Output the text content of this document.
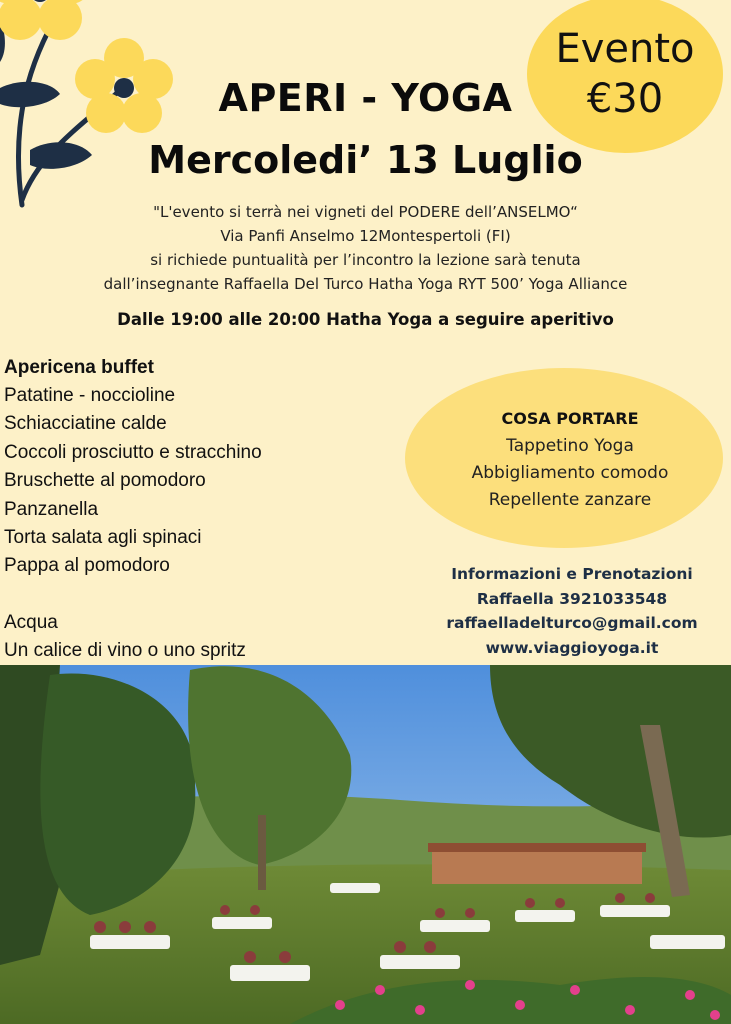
Evento
€30
APERI - YOGA
Mercoledi’ 13 Luglio
"L'evento si terrà nei vigneti del PODERE dell’ANSELMO“
Via Panfi Anselmo 12Montespertoli (FI)
si richiede puntualità per l’incontro la lezione sarà tenuta
dall’insegnante Raffaella Del Turco Hatha Yoga RYT 500’ Yoga Alliance
Dalle 19:00 alle 20:00 Hatha Yoga a seguire aperitivo
Apericena buffet
Patatine - noccioline
Schiacciatine calde
Coccoli prosciutto e stracchino
Bruschette al pomodoro
Panzanella
Torta salata agli spinaci
Pappa al pomodoro
Acqua
Un calice di vino o uno spritz
COSA PORTARE
Tappetino Yoga
Abbigliamento comodo
Repellente zanzare
Informazioni e Prenotazioni
Raffaella 3921033548
raffaelladelturco@gmail.com
www.viaggioyoga.it
